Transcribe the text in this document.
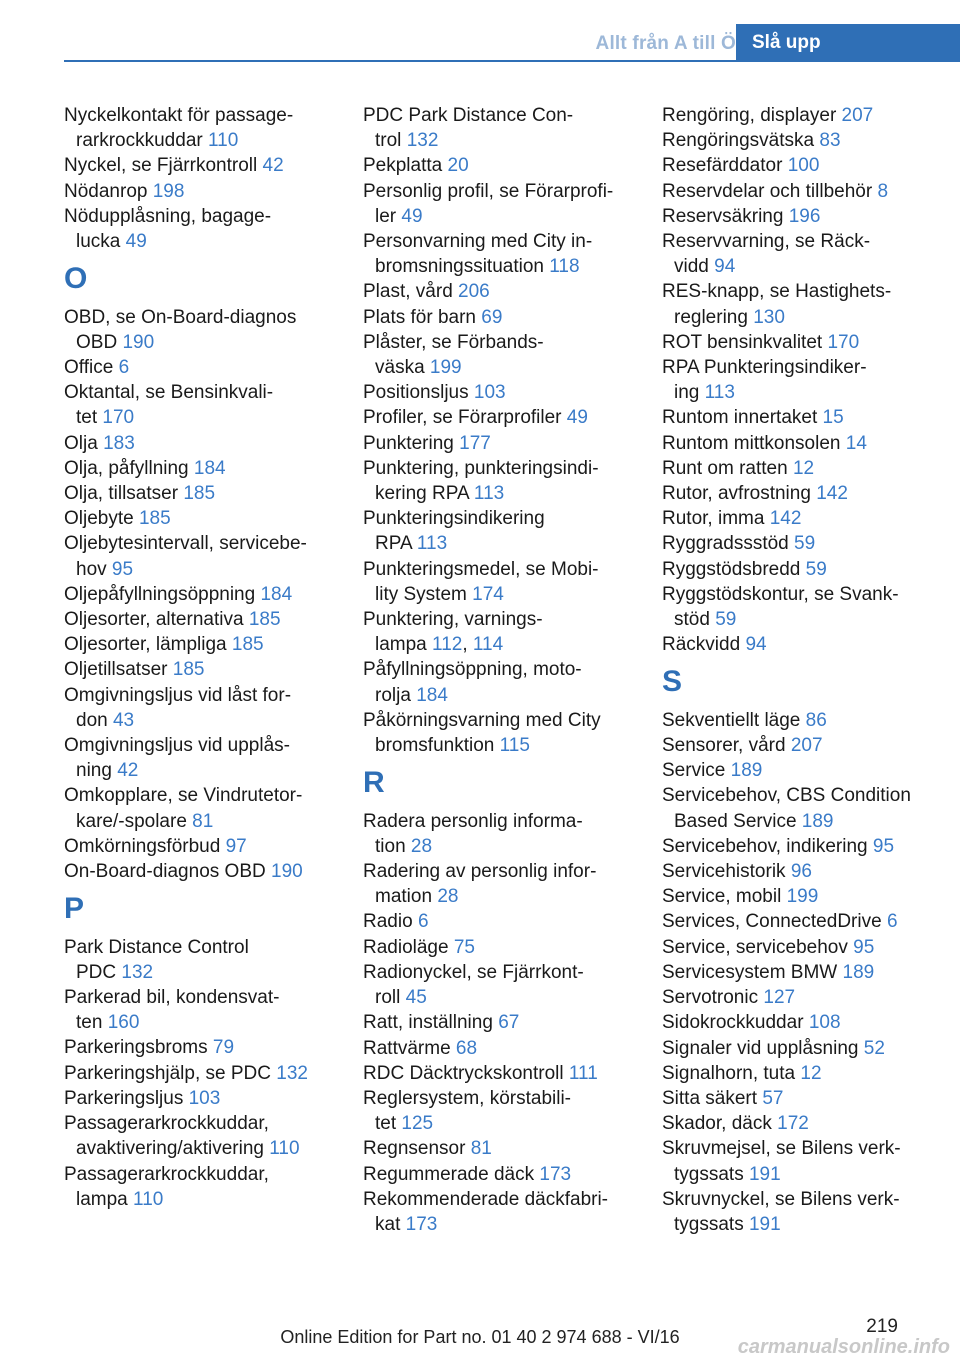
Allt från A till Ö Slå upp
Nyckelkontakt för passage-
rarkrockkuddar 110
Nyckel, se Fjärrkontroll 42
Nödanrop 198
Nödupplåsning, bagage-
lucka 49
O
OBD, se On-Board-diagnos
OBD 190
Office 6
Oktantal, se Bensinkvali-
tet 170
Olja 183
Olja, påfyllning 184
Olja, tillsatser 185
Oljebyte 185
Oljebytesintervall, servicebe-
hov 95
Oljepåfyllningsöppning 184
Oljesorter, alternativa 185
Oljesorter, lämpliga 185
Oljetillsatser 185
Omgivningsljus vid låst for-
don 43
Omgivningsljus vid upplås-
ning 42
Omkopplare, se Vindrutetor-
kare/-spolare 81
Omkörningsförbud 97
On-Board-diagnos OBD 190
P
Park Distance Control
PDC 132
Parkerad bil, kondensvat-
ten 160
Parkeringsbroms 79
Parkeringshjälp, se PDC 132
Parkeringsljus 103
Passagerarkrockkuddar,
avaktivering/aktivering 110
Passagerarkrockkuddar,
lampa 110
PDC Park Distance Con-
trol 132
Pekplatta 20
Personlig profil, se Förarprofi-
ler 49
Personvarning med City in-
bromsningssituation 118
Plast, vård 206
Plats för barn 69
Plåster, se Förbands-
väska 199
Positionsljus 103
Profiler, se Förarprofiler 49
Punktering 177
Punktering, punkteringsindi-
kering RPA 113
Punkteringsindikering
RPA 113
Punkteringsmedel, se Mobi-
lity System 174
Punktering, varnings-
lampa 112, 114
Påfyllningsöppning, moto-
rolja 184
Påkörningsvarning med City
bromsfunktion 115
R
Radera personlig informa-
tion 28
Radering av personlig infor-
mation 28
Radio 6
Radioläge 75
Radionyckel, se Fjärrkont-
roll 45
Ratt, inställning 67
Rattvärme 68
RDC Däcktryckskontroll 111
Reglersystem, körstabili-
tet 125
Regnsensor 81
Regummerade däck 173
Rekommenderade däckfabri-
kat 173
Rengöring, displayer 207
Rengöringsvätska 83
Resefärddator 100
Reservdelar och tillbehör 8
Reservsäkring 196
Reservvarning, se Räck-
vidd 94
RES-knapp, se Hastighets-
reglering 130
ROT bensinkvalitet 170
RPA Punkteringsindiker-
ing 113
Runtom innertaket 15
Runtom mittkonsolen 14
Runt om ratten 12
Rutor, avfrostning 142
Rutor, imma 142
Ryggradssstöd 59
Ryggstödsbredd 59
Ryggstödskontur, se Svank-
stöd 59
Räckvidd 94
S
Sekventiellt läge 86
Sensorer, vård 207
Service 189
Servicebehov, CBS Condition
Based Service 189
Servicebehov, indikering 95
Servicehistorik 96
Service, mobil 199
Services, ConnectedDrive 6
Service, servicebehov 95
Servicesystem BMW 189
Servotronic 127
Sidokrockkuddar 108
Signaler vid upplåsning 52
Signalhorn, tuta 12
Sitta säkert 57
Skador, däck 172
Skruvmejsel, se Bilens verk-
tygssats 191
Skruvnyckel, se Bilens verk-
tygssats 191
219
Online Edition for Part no. 01 40 2 974 688 - VI/16	carmanualsonline.info
